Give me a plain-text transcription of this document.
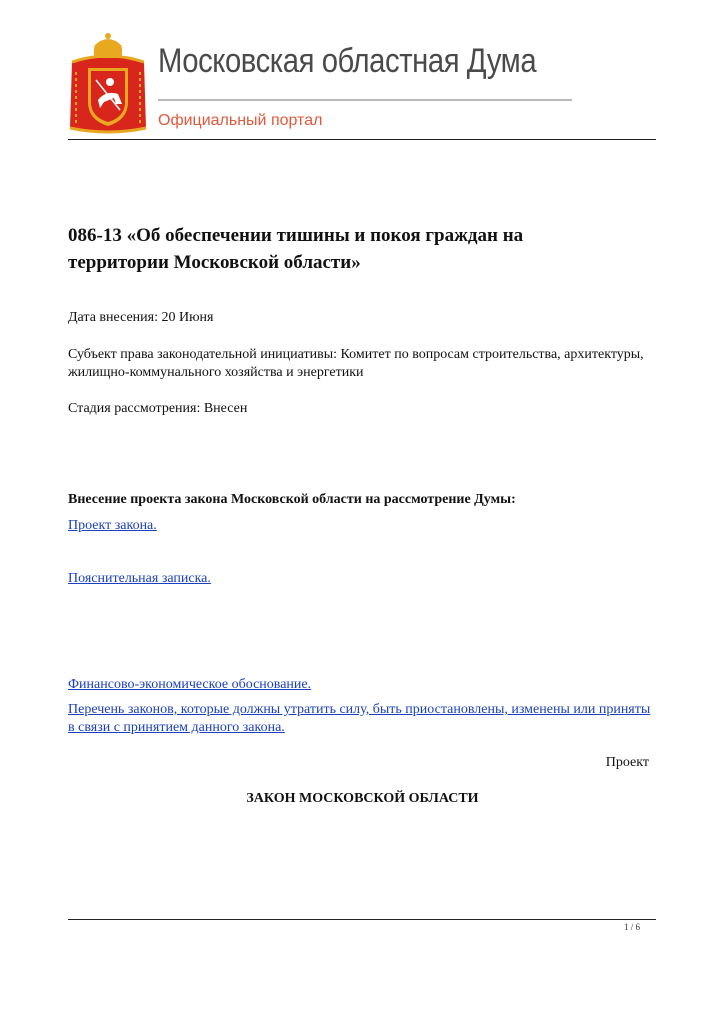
Московская областная Дума
Официальный портал
086-13 «Об обеспечении тишины и покоя граждан на территории Московской области»

Дата внесения: 20 Июня

Субъект права законодательной инициативы: Комитет по вопросам строительства, архитектуры, жилищно-коммунального хозяйства и энергетики

Стадия рассмотрения: Внесен

Внесение проекта закона Московской области на рассмотрение Думы:

Проект закона.
Пояснительная записка.
Финансово-экономическое обоснование.
Перечень законов, которые должны утратить силу, быть приостановлены, изменены или приняты в связи с принятием данного закона.
Проект

ЗАКОН МОСКОВСКОЙ ОБЛАСТИ

1 / 6
